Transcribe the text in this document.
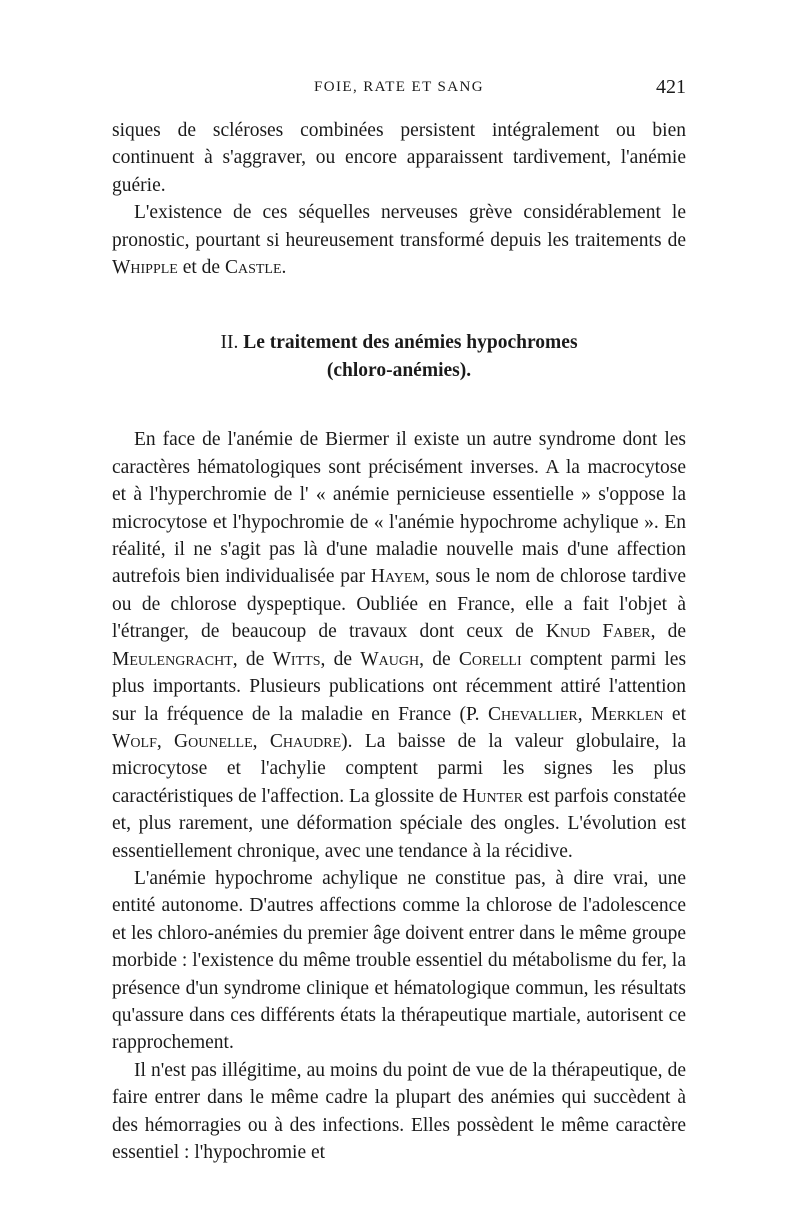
FOIE, RATE ET SANG	421

siques de scléroses combinées persistent intégralement ou bien continuent à s'aggraver, ou encore apparaissent tardivement, l'anémie guérie.

L'existence de ces séquelles nerveuses grève considérablement le pronostic, pourtant si heureusement transformé depuis les traitements de Whipple et de Castle.

II. Le traitement des anémies hypochromes
(chloro-anémies).

En face de l'anémie de Biermer il existe un autre syndrome dont les caractères hématologiques sont précisément inverses. A la macrocytose et à l'hyperchromie de l' « anémie pernicieuse essentielle » s'oppose la microcytose et l'hypochromie de « l'anémie hypochrome achylique ». En réalité, il ne s'agit pas là d'une maladie nouvelle mais d'une affection autrefois bien individualisée par Hayem, sous le nom de chlorose tardive ou de chlorose dyspeptique. Oubliée en France, elle a fait l'objet à l'étranger, de beaucoup de travaux dont ceux de Knud Faber, de Meulengracht, de Witts, de Waugh, de Corelli comptent parmi les plus importants. Plusieurs publications ont récemment attiré l'attention sur la fréquence de la maladie en France (P. Chevallier, Merklen et Wolf, Gounelle, Chaudre). La baisse de la valeur globulaire, la microcytose et l'achylie comptent parmi les signes les plus caractéristiques de l'affection. La glossite de Hunter est parfois constatée et, plus rarement, une déformation spéciale des ongles. L'évolution est essentiellement chronique, avec une tendance à la récidive.

L'anémie hypochrome achylique ne constitue pas, à dire vrai, une entité autonome. D'autres affections comme la chlorose de l'adolescence et les chloro-anémies du premier âge doivent entrer dans le même groupe morbide : l'existence du même trouble essentiel du métabolisme du fer, la présence d'un syndrome clinique et hématologique commun, les résultats qu'assure dans ces différents états la thérapeutique martiale, autorisent ce rapprochement.

Il n'est pas illégitime, au moins du point de vue de la thérapeutique, de faire entrer dans le même cadre la plupart des anémies qui succèdent à des hémorragies ou à des infections. Elles possèdent le même caractère essentiel : l'hypochromie et
